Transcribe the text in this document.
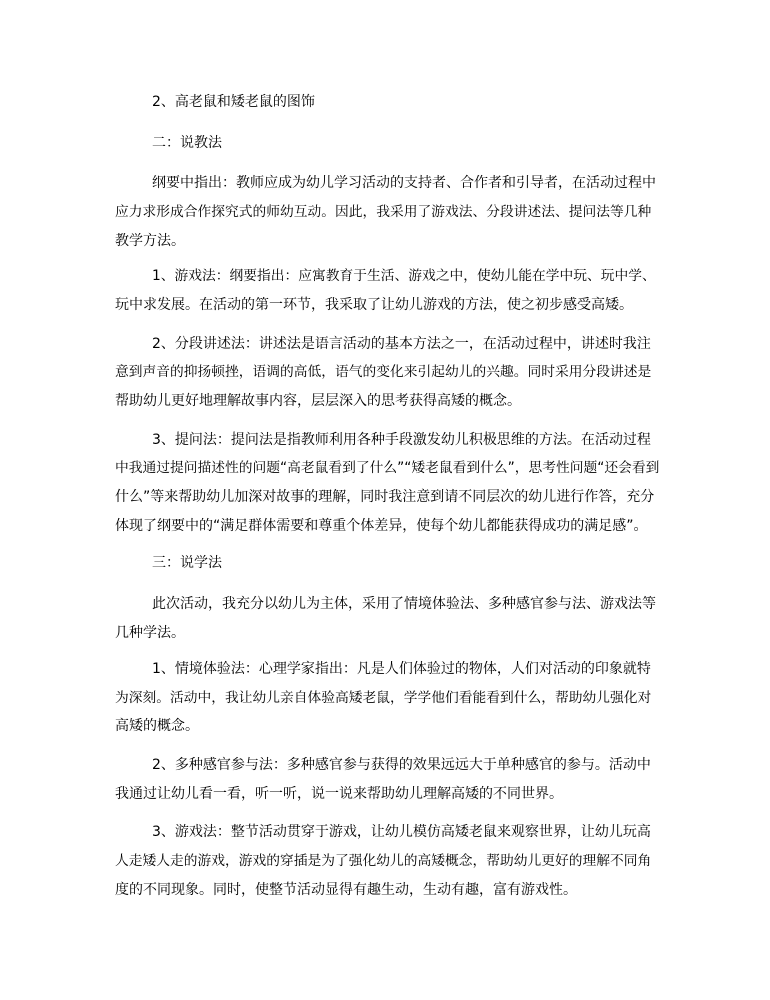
2、高老鼠和矮老鼠的图饰
二：说教法
纲要中指出：教师应成为幼儿学习活动的支持者、合作者和引导者，在活动过程中
应力求形成合作探究式的师幼互动。因此，我采用了游戏法、分段讲述法、提问法等几种
教学方法。
1、游戏法：纲要指出：应寓教育于生活、游戏之中，使幼儿能在学中玩、玩中学、
玩中求发展。在活动的第一环节，我采取了让幼儿游戏的方法，使之初步感受高矮。
2、分段讲述法：讲述法是语言活动的基本方法之一，在活动过程中，讲述时我注
意到声音的抑扬顿挫，语调的高低，语气的变化来引起幼儿的兴趣。同时采用分段讲述是
帮助幼儿更好地理解故事内容，层层深入的思考获得高矮的概念。
3、提问法：提问法是指教师利用各种手段激发幼儿积极思维的方法。在活动过程
中我通过提问描述性的问题“高老鼠看到了什么”“矮老鼠看到什么”，思考性问题“还会看到
什么”等来帮助幼儿加深对故事的理解，同时我注意到请不同层次的幼儿进行作答，充分
体现了纲要中的“满足群体需要和尊重个体差异，使每个幼儿都能获得成功的满足感”。
三：说学法
此次活动，我充分以幼儿为主体，采用了情境体验法、多种感官参与法、游戏法等
几种学法。
1、情境体验法：心理学家指出：凡是人们体验过的物体，人们对活动的印象就特
为深刻。活动中，我让幼儿亲自体验高矮老鼠，学学他们看能看到什么，帮助幼儿强化对
高矮的概念。
2、多种感官参与法：多种感官参与获得的效果远远大于单种感官的参与。活动中
我通过让幼儿看一看，听一听，说一说来帮助幼儿理解高矮的不同世界。
3、游戏法：整节活动贯穿于游戏，让幼儿模仿高矮老鼠来观察世界，让幼儿玩高
人走矮人走的游戏，游戏的穿插是为了强化幼儿的高矮概念，帮助幼儿更好的理解不同角
度的不同现象。同时，使整节活动显得有趣生动，生动有趣，富有游戏性。
